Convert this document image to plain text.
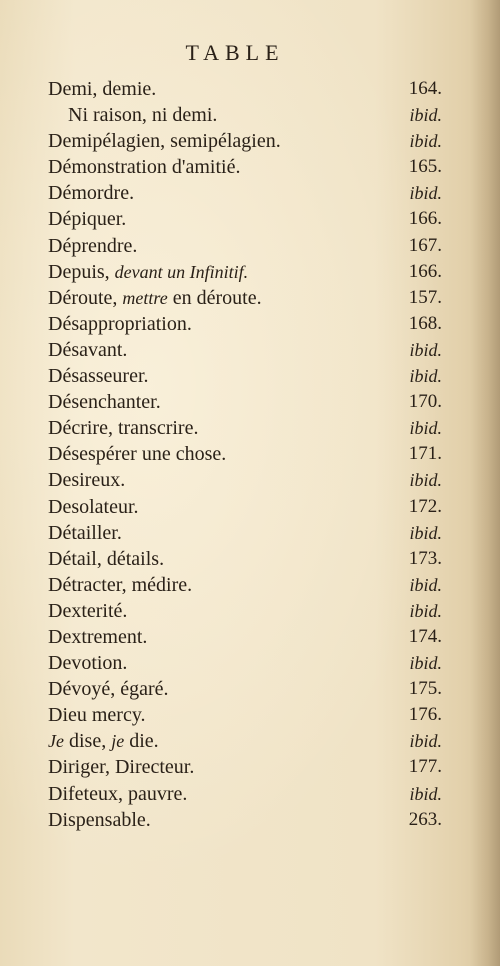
TABLE
Demi, demie.	164.
Ni raison, ni demi.	ibid.
Demipélagien, semipélagien.	ibid.
Démonstration d'amitié.	165.
Démordre.	ibid.
Dépiquer.	166.
Déprendre.	167.
Depuis, devant un Infinitif.	166.
Déroute, mettre en déroute.	157.
Désappropriation.	168.
Désavant.	ibid.
Désasseurer.	ibid.
Désenchanter.	170.
Décrire, transcrire.	ibid.
Désespérer une chose.	171.
Desireux.	ibid.
Desolateur.	172.
Détailler.	ibid.
Détail, détails.	173.
Détracter, médire.	ibid.
Dexterité.	ibid.
Dextrement.	174.
Devotion.	ibid.
Dévoyé, égaré.	175.
Dieu mercy.	176.
Je dise, je die.	ibid.
Diriger, Directeur.	177.
Difeteux, pauvre.	ibid.
Dispensable.	263.
